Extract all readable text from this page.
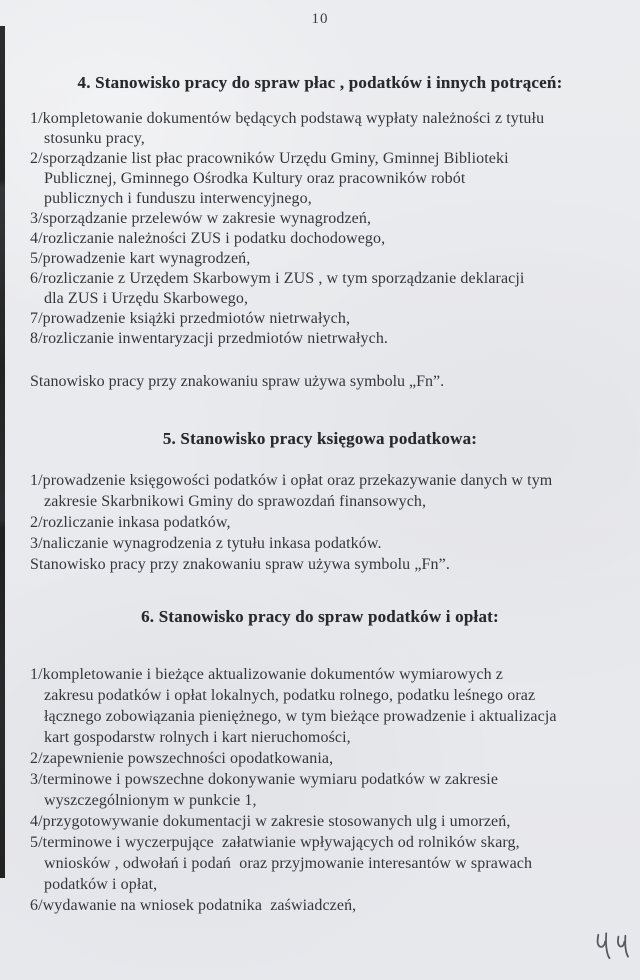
10
4. Stanowisko pracy do spraw płac , podatków i innych potrąceń:
1/kompletowanie dokumentów będących podstawą wypłaty należności z tytułu
stosunku pracy,
2/sporządzanie list płac pracowników Urzędu Gminy, Gminnej Biblioteki
Publicznej, Gminnego Ośrodka Kultury oraz pracowników robót
publicznych i funduszu interwencyjnego,
3/sporządzanie przelewów w zakresie wynagrodzeń,
4/rozliczanie należności ZUS i podatku dochodowego,
5/prowadzenie kart wynagrodzeń,
6/rozliczanie z Urzędem Skarbowym i ZUS , w tym sporządzanie deklaracji
dla ZUS i Urzędu Skarbowego,
7/prowadzenie książki przedmiotów nietrwałych,
8/rozliczanie inwentaryzacji przedmiotów nietrwałych.
Stanowisko pracy przy znakowaniu spraw używa symbolu „Fn”.
5. Stanowisko pracy księgowa podatkowa:
1/prowadzenie księgowości podatków i opłat oraz przekazywanie danych w tym
zakresie Skarbnikowi Gminy do sprawozdań finansowych,
2/rozliczanie inkasa podatków,
3/naliczanie wynagrodzenia z tytułu inkasa podatków.
Stanowisko pracy przy znakowaniu spraw używa symbolu „Fn”.
6. Stanowisko pracy do spraw podatków i opłat:
1/kompletowanie i bieżące aktualizowanie dokumentów wymiarowych z
zakresu podatków i opłat lokalnych, podatku rolnego, podatku leśnego oraz
łącznego zobowiązania pieniężnego, w tym bieżące prowadzenie i aktualizacja
kart gospodarstw rolnych i kart nieruchomości,
2/zapewnienie powszechności opodatkowania,
3/terminowe i powszechne dokonywanie wymiaru podatków w zakresie
wyszczególnionym w punkcie 1,
4/przygotowywanie dokumentacji w zakresie stosowanych ulg i umorzeń,
5/terminowe i wyczerpujące  załatwianie wpływających od rolników skarg,
wniosków , odwołań i podań  oraz przyjmowanie interesantów w sprawach
podatków i opłat,
6/wydawanie na wniosek podatnika  zaświadczeń,
